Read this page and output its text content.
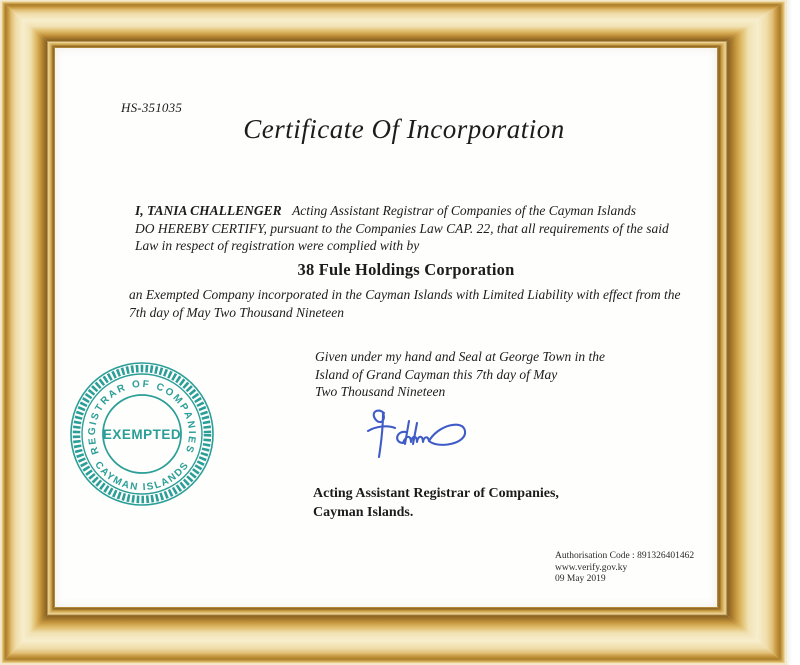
HS-351035
Certificate Of Incorporation
I, TANIA CHALLENGER Acting Assistant Registrar of Companies of the Cayman Islands
DO HEREBY CERTIFY, pursuant to the Companies Law CAP. 22, that all requirements of the said
Law in respect of registration were complied with by
38 Fule Holdings Corporation
an Exempted Company incorporated in the Cayman Islands with Limited Liability with effect from the
7th day of May Two Thousand Nineteen
REGISTRAR OF COMPANIES
CAYMAN ISLANDS
EXEMPTED
Given under my hand and Seal at George Town in the
Island of Grand Cayman this 7th day of May
Two Thousand Nineteen
Acting Assistant Registrar of Companies,
Cayman Islands.
Authorisation Code : 891326401462
www.verify.gov.ky
09 May 2019
